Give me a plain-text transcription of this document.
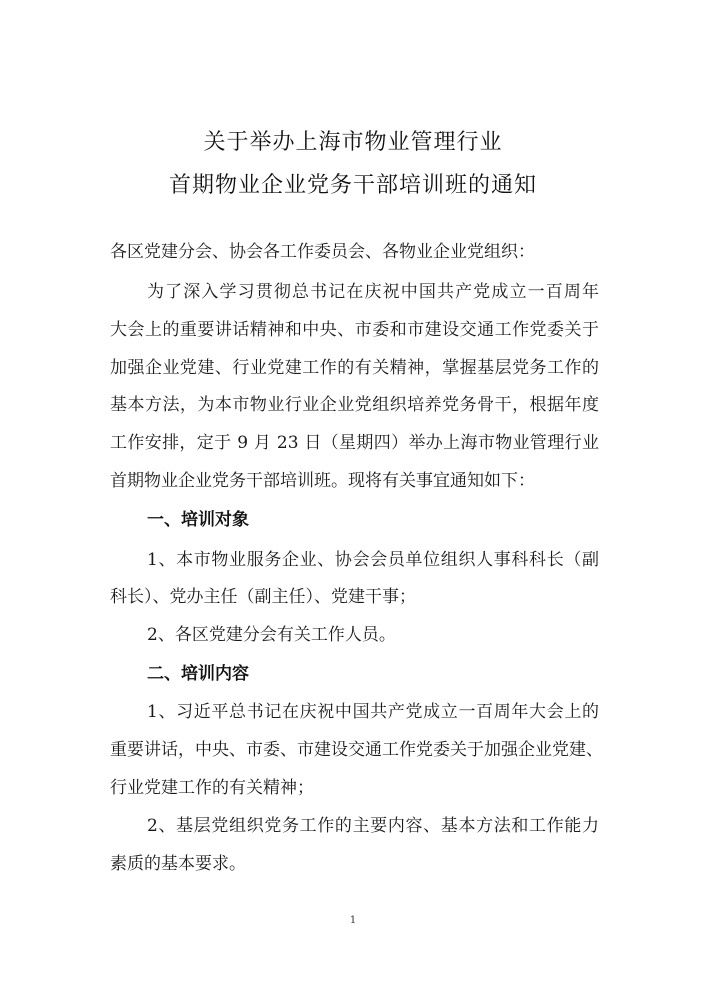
关于举办上海市物业管理行业
首期物业企业党务干部培训班的通知
各区党建分会、协会各工作委员会、各物业企业党组织：
为了深入学习贯彻总书记在庆祝中国共产党成立一百周年
大会上的重要讲话精神和中央、市委和市建设交通工作党委关于
加强企业党建、行业党建工作的有关精神，掌握基层党务工作的
基本方法，为本市物业行业企业党组织培养党务骨干，根据年度
工作安排，定于 9 月 23 日（星期四）举办上海市物业管理行业
首期物业企业党务干部培训班。现将有关事宜通知如下：
一、培训对象
1、本市物业服务企业、协会会员单位组织人事科科长（副
科长）、党办主任（副主任）、党建干事；
2、各区党建分会有关工作人员。
二、培训内容
1、习近平总书记在庆祝中国共产党成立一百周年大会上的
重要讲话，中央、市委、市建设交通工作党委关于加强企业党建、
行业党建工作的有关精神；
2、基层党组织党务工作的主要内容、基本方法和工作能力
素质的基本要求。
1
